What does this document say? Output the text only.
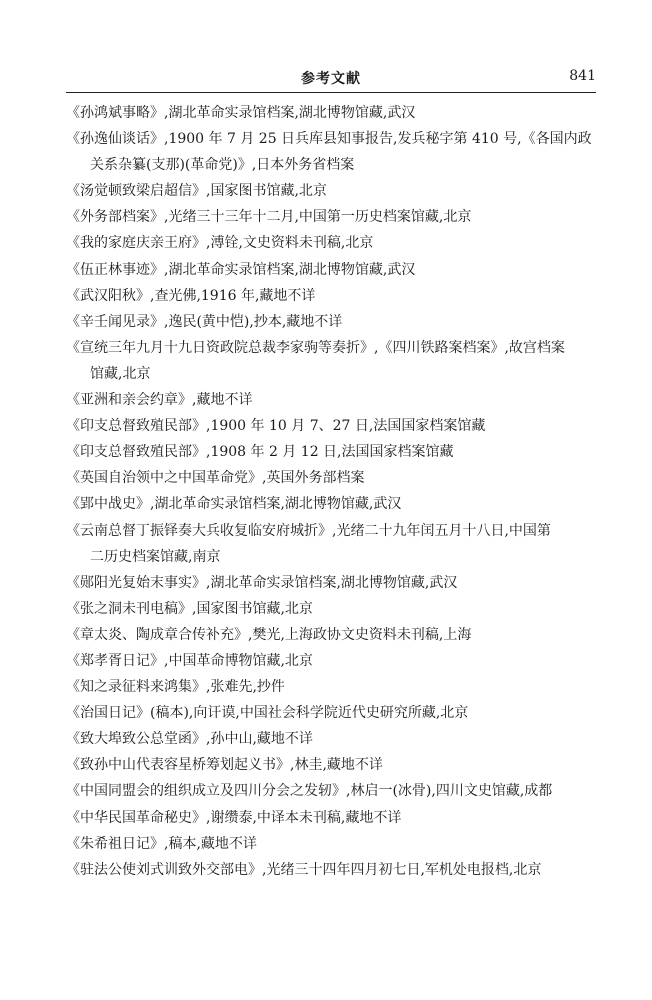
参考文献	841
《孙鸿斌事略》,湖北革命实录馆档案,湖北博物馆藏,武汉
《孙逸仙谈话》,1900 年 7 月 25 日兵库县知事报告,发兵秘字第 410 号,《各国内政
关系杂纂(支那)(革命党)》,日本外务省档案
《汤觉顿致梁启超信》,国家图书馆藏,北京
《外务部档案》,光绪三十三年十二月,中国第一历史档案馆藏,北京
《我的家庭庆亲王府》,溥铨,文史资料未刊稿,北京
《伍正林事迹》,湖北革命实录馆档案,湖北博物馆藏,武汉
《武汉阳秋》,查光佛,1916 年,藏地不详
《辛壬闻见录》,逸民(黄中恺),抄本,藏地不详
《宣统三年九月十九日资政院总裁李家驹等奏折》,《四川铁路案档案》,故宫档案
馆藏,北京
《亚洲和亲会约章》,藏地不详
《印支总督致殖民部》,1900 年 10 月 7、27 日,法国国家档案馆藏
《印支总督致殖民部》,1908 年 2 月 12 日,法国国家档案馆藏
《英国自治领中之中国革命党》,英国外务部档案
《郢中战史》,湖北革命实录馆档案,湖北博物馆藏,武汉
《云南总督丁振铎奏大兵收复临安府城折》,光绪二十九年闰五月十八日,中国第
二历史档案馆藏,南京
《郧阳光复始末事实》,湖北革命实录馆档案,湖北博物馆藏,武汉
《张之洞未刊电稿》,国家图书馆藏,北京
《章太炎、陶成章合传补充》,樊光,上海政协文史资料未刊稿,上海
《郑孝胥日记》,中国革命博物馆藏,北京
《知之录征料来鸿集》,张难先,抄件
《治国日记》(稿本),向讦谟,中国社会科学院近代史研究所藏,北京
《致大埠致公总堂函》,孙中山,藏地不详
《致孙中山代表容星桥筹划起义书》,林圭,藏地不详
《中国同盟会的组织成立及四川分会之发轫》,林启一(冰骨),四川文史馆藏,成都
《中华民国革命秘史》,谢缵泰,中译本未刊稿,藏地不详
《朱希祖日记》,稿本,藏地不详
《驻法公使刘式训致外交部电》,光绪三十四年四月初七日,军机处电报档,北京
